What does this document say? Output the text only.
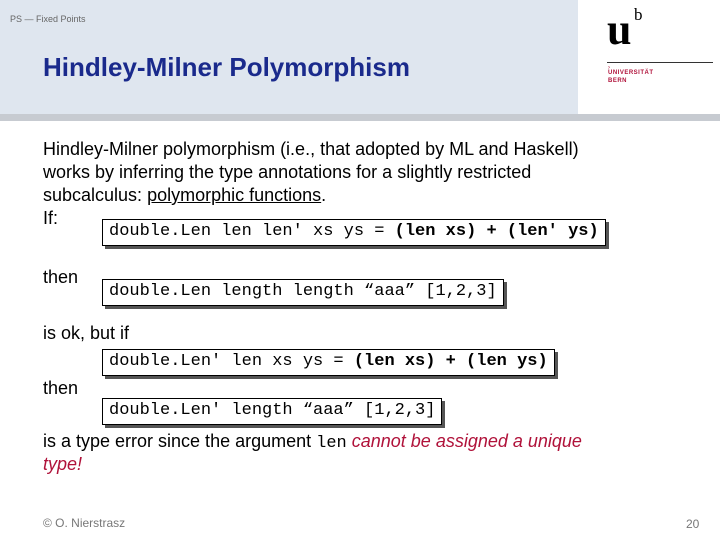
PS — Fixed Points
Hindley-Milner Polymorphism
u b
›
UNIVERSITÄT
BERN
Hindley-Milner polymorphism (i.e., that adopted by ML and Haskell)
works by inferring the type annotations for a slightly restricted
subcalculus: polymorphic functions.
If:
double.Len len len' xs ys = (len xs) + (len' ys)
then
double.Len length length “aaa” [1,2,3]
is ok, but if
double.Len' len xs ys = (len xs) + (len ys)
then
double.Len' length “aaa” [1,2,3]
is a type error since the argument len cannot be assigned a unique
type!
© O. Nierstrasz	20
